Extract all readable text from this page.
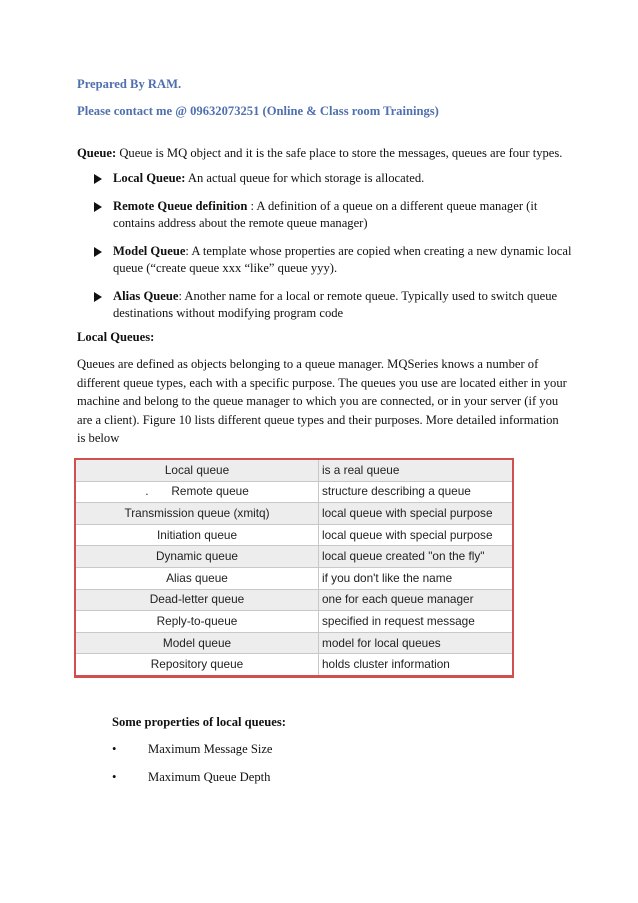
Prepared By RAM.
Please contact me @ 09632073251 (Online & Class room Trainings)
Queue: Queue is MQ object and it is the safe place to store the messages, queues are four types.
Local Queue: An actual queue for which storage is allocated.
Remote Queue definition : A definition of a queue on a different queue manager (it contains address about the remote queue manager)
Model Queue: A template whose properties are copied when creating a new dynamic local queue (“create queue xxx “like” queue yyy).
Alias Queue: Another name for a local or remote queue. Typically used to switch queue destinations without modifying program code
Local Queues:
Queues are defined as objects belonging to a queue manager. MQSeries knows a number of different queue types, each with a specific purpose. The queues you use are located either in your machine and belong to the queue manager to which you are connected, or in your server (if you are a client). Figure 10 lists different queue types and their purposes. More detailed information
is below
Local queue	is a real queue
.       Remote queue	structure describing a queue
Transmission queue (xmitq)	local queue with special purpose
Initiation queue	local queue with special purpose
Dynamic queue	local queue created "on the fly"
Alias queue	if you don't like the name
Dead-letter queue	one for each queue manager
Reply-to-queue	specified in request message
Model queue	model for local queues
Repository queue	holds cluster information
Some properties of local queues:
•	Maximum Message Size
•	Maximum Queue Depth
